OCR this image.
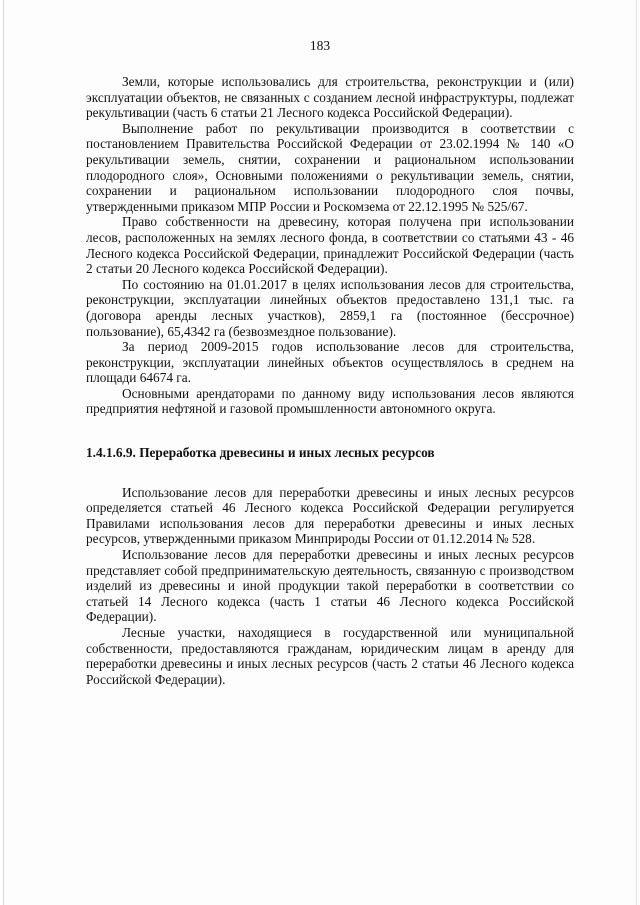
183

Земли, которые использовались для строительства, реконструкции и (или) эксплуатации объектов, не связанных с созданием лесной инфраструктуры, подлежат рекультивации (часть 6 статьи 21 Лесного кодекса Российской Федерации).

Выполнение работ по рекультивации производится в соответствии с постановлением Правительства Российской Федерации от 23.02.1994 № 140 «О рекультивации земель, снятии, сохранении и рациональном использовании плодородного слоя», Основными положениями о рекультивации земель, снятии, сохранении и рациональном использовании плодородного слоя почвы, утвержденными приказом МПР России и Роскомзема от 22.12.1995 № 525/67.

Право собственности на древесину, которая получена при использовании лесов, расположенных на землях лесного фонда, в соответствии со статьями 43 - 46 Лесного кодекса Российской Федерации, принадлежит Российской Федерации (часть 2 статьи 20 Лесного кодекса Российской Федерации).

По состоянию на 01.01.2017 в целях использования лесов для строительства, реконструкции, эксплуатации линейных объектов предоставлено 131,1 тыс. га (договора аренды лесных участков), 2859,1 га (постоянное (бессрочное) пользование), 65,4342 га (безвозмездное пользование).

За период 2009-2015 годов использование лесов для строительства, реконструкции, эксплуатации линейных объектов осуществлялось в среднем на площади 64674 га.

Основными арендаторами по данному виду использования лесов являются предприятия нефтяной и газовой промышленности автономного округа.

1.4.1.6.9. Переработка древесины и иных лесных ресурсов

Использование лесов для переработки древесины и иных лесных ресурсов определяется статьей 46 Лесного кодекса Российской Федерации регулируется Правилами использования лесов для переработки древесины и иных лесных ресурсов, утвержденными приказом Минприроды России от 01.12.2014 № 528.

Использование лесов для переработки древесины и иных лесных ресурсов представляет собой предпринимательскую деятельность, связанную с производством изделий из древесины и иной продукции такой переработки в соответствии со статьей 14 Лесного кодекса (часть 1 статьи 46 Лесного кодекса Российской Федерации).

Лесные участки, находящиеся в государственной или муниципальной собственности, предоставляются гражданам, юридическим лицам в аренду для переработки древесины и иных лесных ресурсов (часть 2 статьи 46 Лесного кодекса Российской Федерации).
